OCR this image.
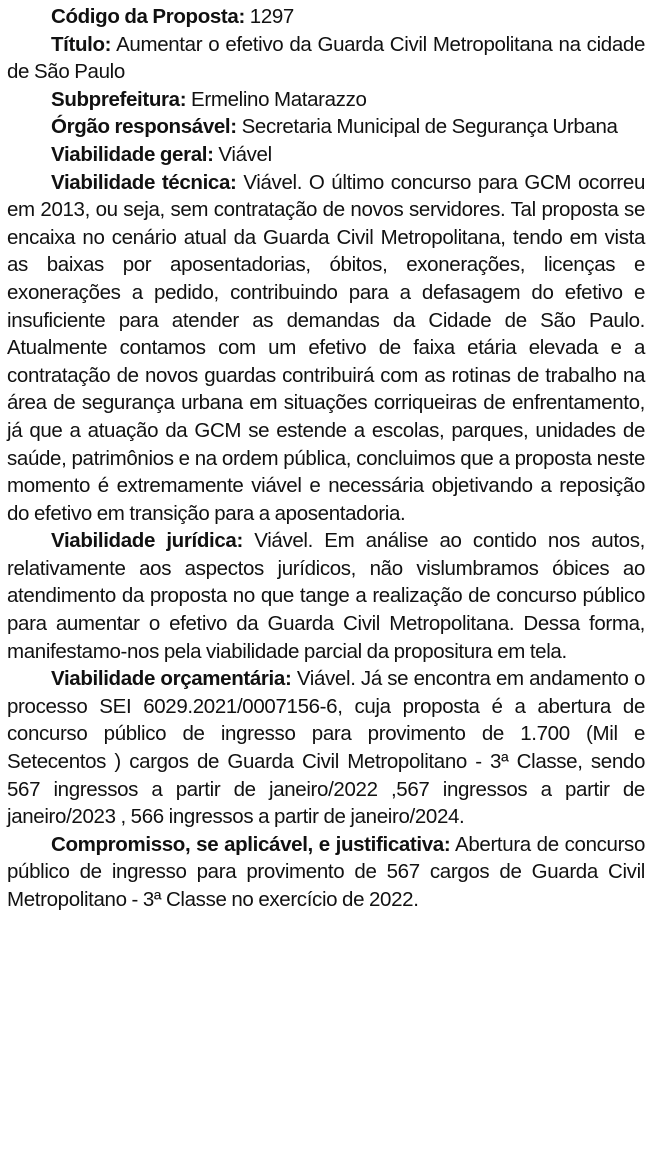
Código da Proposta: 1297

Título: Aumentar o efetivo da Guarda Civil Metropolitana na cidade de São Paulo

Subprefeitura: Ermelino Matarazzo

Órgão responsável: Secretaria Municipal de Segurança Urbana

Viabilidade geral: Viável

Viabilidade técnica: Viável. O último concurso para GCM ocorreu em 2013, ou seja, sem contratação de novos servidores. Tal proposta se encaixa no cenário atual da Guarda Civil Metropolitana, tendo em vista as baixas por aposentadorias, óbitos, exonerações, licenças e exonerações a pedido, contribuindo para a defasagem do efetivo e insuficiente para atender as demandas da Cidade de São Paulo. Atualmente contamos com um efetivo de faixa etária elevada e a contratação de novos guardas contribuirá com as rotinas de trabalho na área de segurança urbana em situações corriqueiras de enfrentamento, já que a atuação da GCM se estende a escolas, parques, unidades de saúde, patrimônios e na ordem pública, concluimos que a proposta neste momento é extremamente viável e necessária objetivando a reposição do efetivo em transição para a aposentadoria.

Viabilidade jurídica: Viável. Em análise ao contido nos autos, relativamente aos aspectos jurídicos, não vislumbramos óbices ao atendimento da proposta no que tange a realização de concurso público para aumentar o efetivo da Guarda Civil Metropolitana. Dessa forma, manifestamo-nos pela viabilidade parcial da propositura em tela.

Viabilidade orçamentária: Viável. Já se encontra em andamento o processo SEI 6029.2021/0007156-6, cuja proposta é a abertura de concurso público de ingresso para provimento de 1.700 (Mil e Setecentos ) cargos de Guarda Civil Metropolitano - 3ª Classe, sendo 567 ingressos a partir de janeiro/2022 ,567 ingressos a partir de janeiro/2023 , 566 ingressos a partir de janeiro/2024.

Compromisso, se aplicável, e justificativa: Abertura de concurso público de ingresso para provimento de 567 cargos de Guarda Civil Metropolitano - 3ª Classe no exercício de 2022.
